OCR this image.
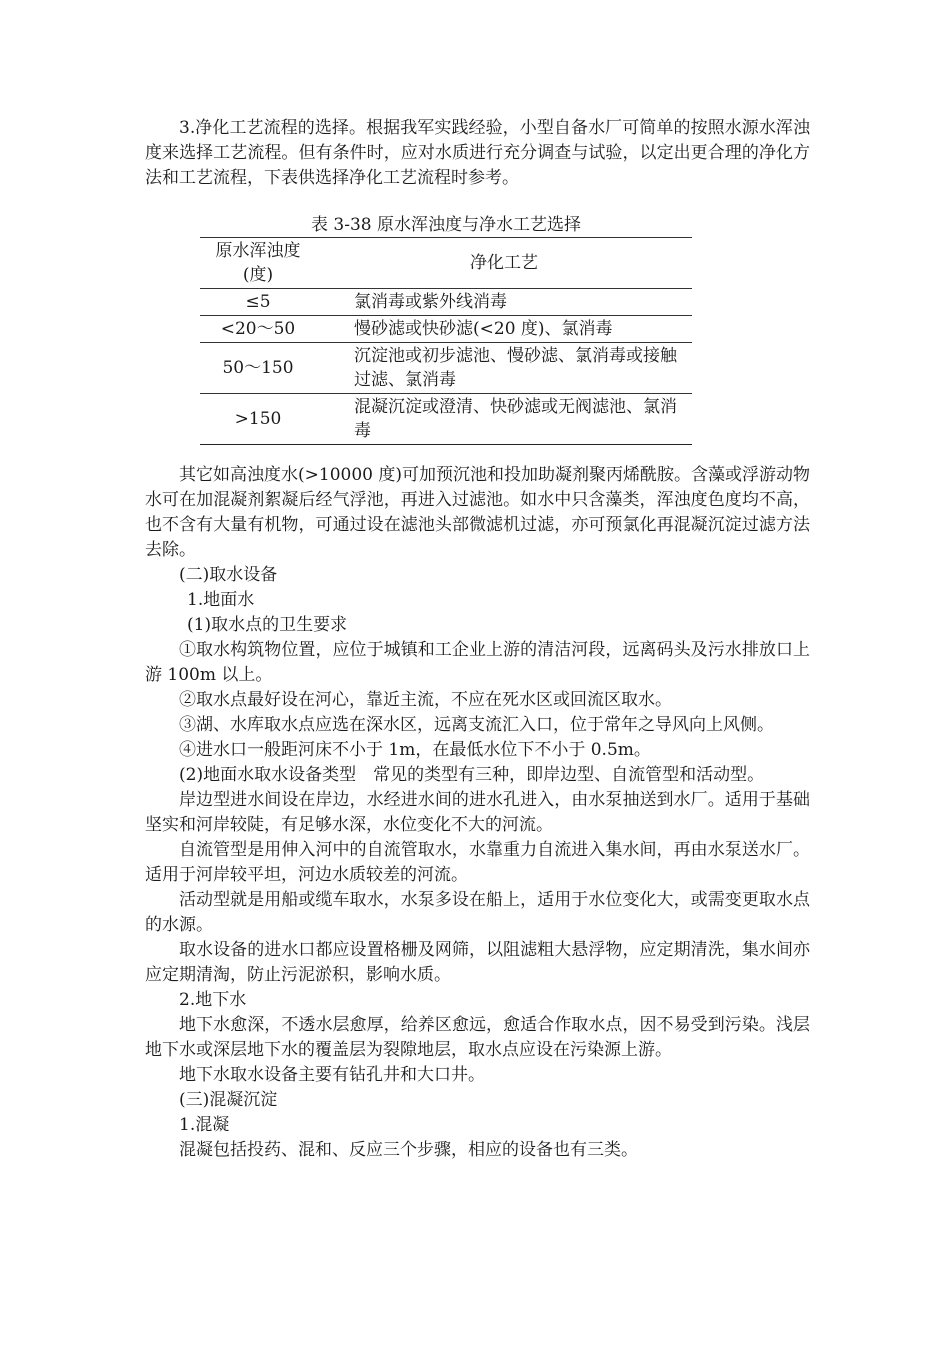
3.净化工艺流程的选择。根据我军实践经验，小型自备水厂可简单的按照水源水浑浊度来选择工艺流程。但有条件时，应对水质进行充分调查与试验，以定出更合理的净化方法和工艺流程，下表供选择净化工艺流程时参考。
表 3-38 原水浑浊度与净水工艺选择
原水浑浊度(度)	净化工艺
≤5	氯消毒或紫外线消毒
<20～50	慢砂滤或快砂滤(<20 度)、氯消毒
50～150	沉淀池或初步滤池、慢砂滤、氯消毒或接触过滤、氯消毒
>150	混凝沉淀或澄清、快砂滤或无阀滤池、氯消毒
其它如高浊度水(>10000 度)可加预沉池和投加助凝剂聚丙烯酰胺。含藻或浮游动物水可在加混凝剂絮凝后经气浮池，再进入过滤池。如水中只含藻类，浑浊度色度均不高，也不含有大量有机物，可通过设在滤池头部微滤机过滤，亦可预氯化再混凝沉淀过滤方法去除。
(二)取水设备
1.地面水
(1)取水点的卫生要求
①取水构筑物位置，应位于城镇和工企业上游的清洁河段，远离码头及污水排放口上游 100m 以上。
②取水点最好设在河心，靠近主流，不应在死水区或回流区取水。
③湖、水库取水点应选在深水区，远离支流汇入口，位于常年之导风向上风侧。
④进水口一般距河床不小于 1m，在最低水位下不小于 0.5m。
(2)地面水取水设备类型　常见的类型有三种，即岸边型、自流管型和活动型。
岸边型进水间设在岸边，水经进水间的进水孔进入，由水泵抽送到水厂。适用于基础坚实和河岸较陡，有足够水深，水位变化不大的河流。
自流管型是用伸入河中的自流管取水，水靠重力自流进入集水间，再由水泵送水厂。适用于河岸较平坦，河边水质较差的河流。
活动型就是用船或缆车取水，水泵多设在船上，适用于水位变化大，或需变更取水点的水源。
取水设备的进水口都应设置格栅及网筛，以阻滤粗大悬浮物，应定期清洗，集水间亦应定期清淘，防止污泥淤积，影响水质。
2.地下水
地下水愈深，不透水层愈厚，给养区愈远，愈适合作取水点，因不易受到污染。浅层地下水或深层地下水的覆盖层为裂隙地层，取水点应设在污染源上游。
地下水取水设备主要有钻孔井和大口井。
(三)混凝沉淀
1.混凝
混凝包括投药、混和、反应三个步骤，相应的设备也有三类。
